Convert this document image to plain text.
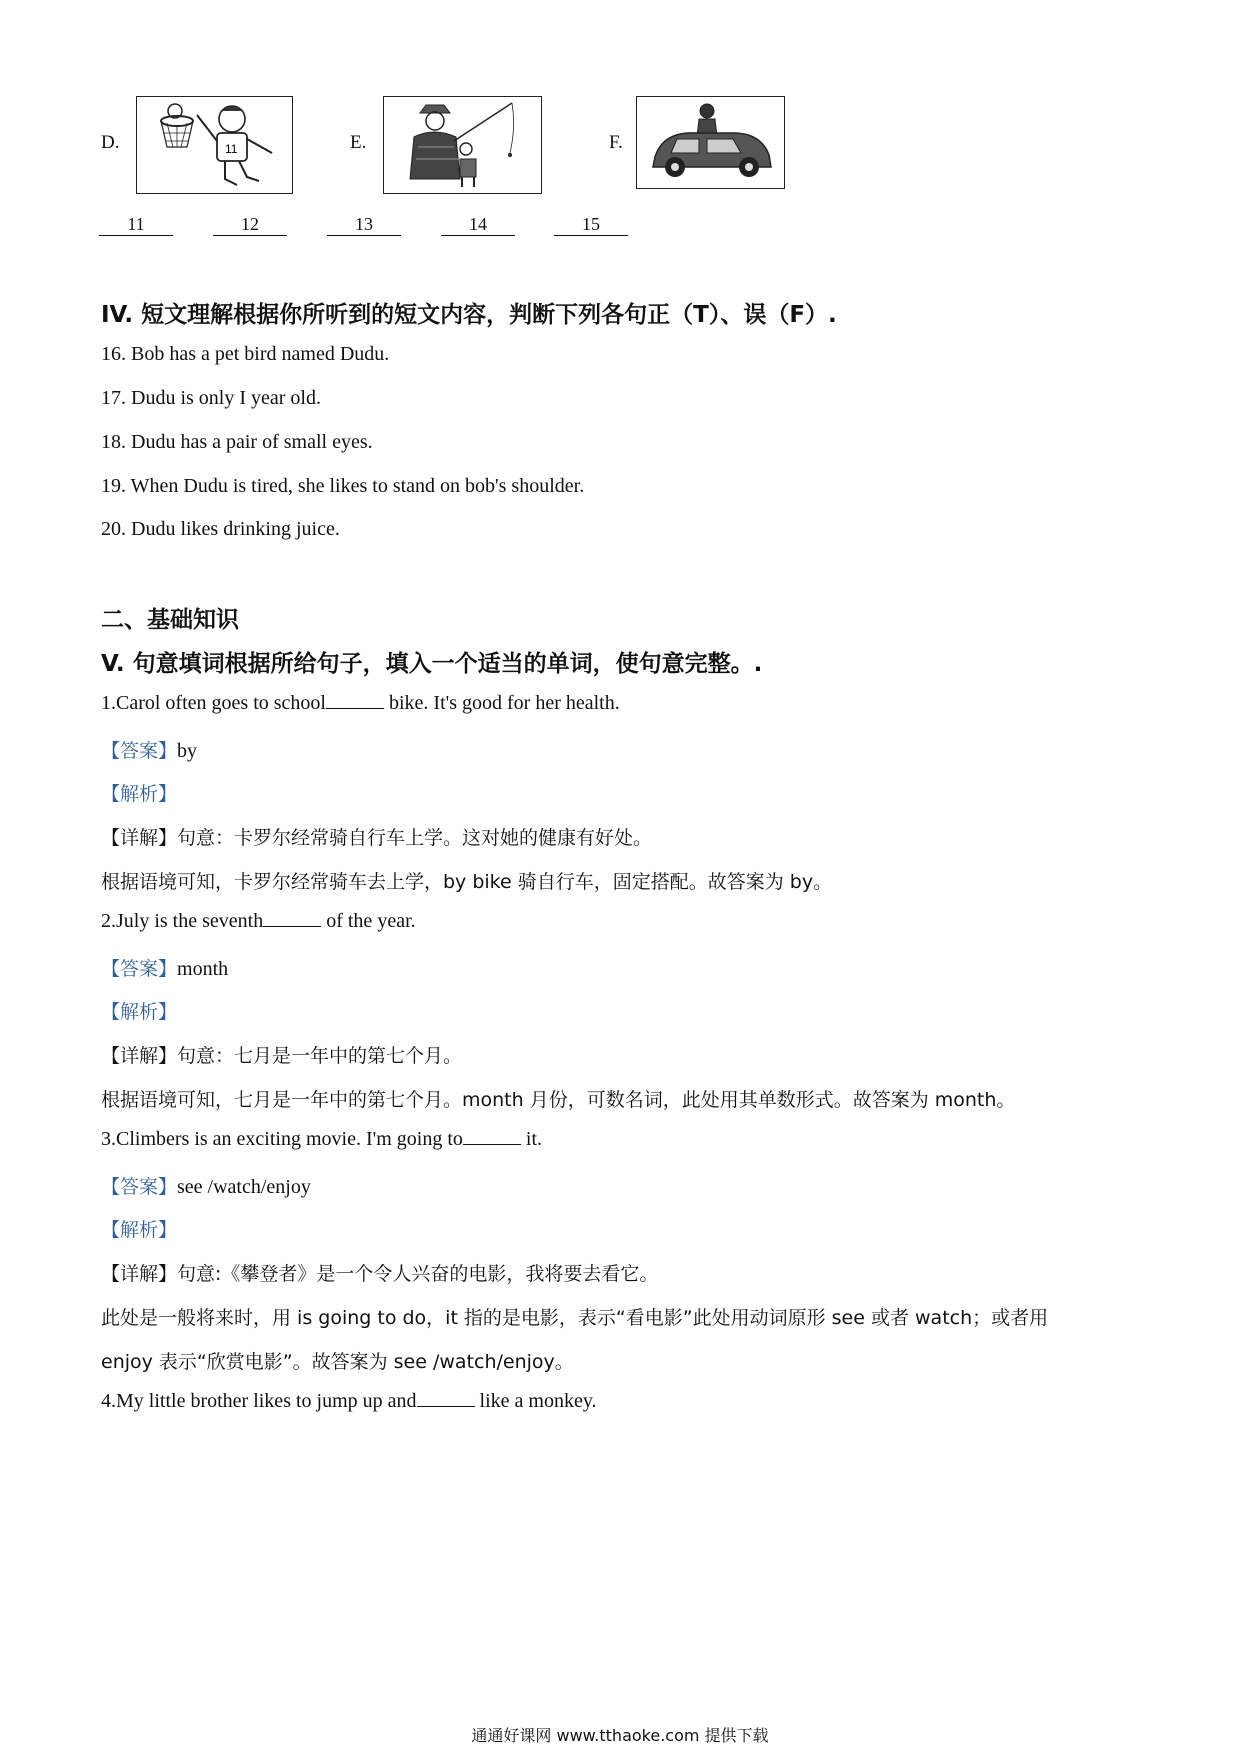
D.	11	E.	F.
11	12	13	14	15
IV. 短文理解根据你所听到的短文内容，判断下列各句正（T）、误（F）.
16. Bob has a pet bird named Dudu.
17. Dudu is only I year old.
18. Dudu has a pair of small eyes.
19. When Dudu is tired, she likes to stand on bob's shoulder.
20. Dudu likes drinking juice.
二、基础知识
V. 句意填词根据所给句子，填入一个适当的单词，使句意完整。.
1.Carol often goes to school	bike. It's good for her health.
【答案】by
【解析】
【详解】句意：卡罗尔经常骑自行车上学。这对她的健康有好处。
根据语境可知，卡罗尔经常骑车去上学，by bike 骑自行车，固定搭配。故答案为 by。
2.July is the seventh	of the year.
【答案】month
【解析】
【详解】句意：七月是一年中的第七个月。
根据语境可知，七月是一年中的第七个月。month 月份，可数名词，此处用其单数形式。故答案为 month。
3.Climbers is an exciting movie. I'm going to	it.
【答案】see /watch/enjoy
【解析】
【详解】句意:《攀登者》是一个令人兴奋的电影，我将要去看它。
此处是一般将来时，用 is going to do，it 指的是电影，表示“看电影”此处用动词原形 see 或者 watch；或者用
enjoy 表示“欣赏电影”。故答案为 see /watch/enjoy。
4.My little brother likes to jump up and	like a monkey.
通通好课网 www.tthaoke.com 提供下载
